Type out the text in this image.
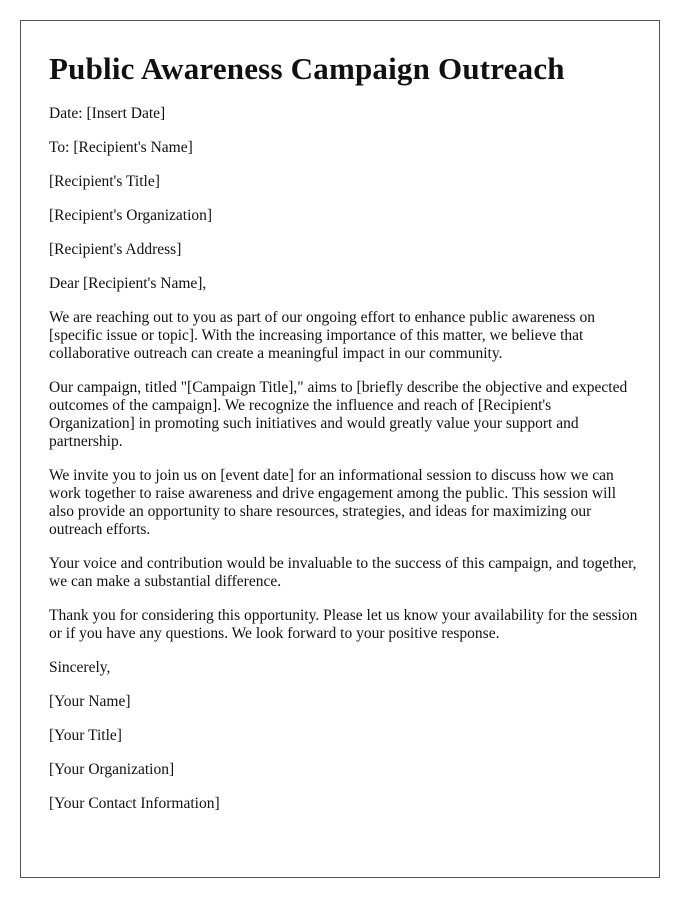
Public Awareness Campaign Outreach
Date: [Insert Date]
To: [Recipient's Name]
[Recipient's Title]
[Recipient's Organization]
[Recipient's Address]
Dear [Recipient's Name],

We are reaching out to you as part of our ongoing effort to enhance public awareness on [specific issue or topic]. With the increasing importance of this matter, we believe that collaborative outreach can create a meaningful impact in our community.

Our campaign, titled "[Campaign Title]," aims to [briefly describe the objective and expected outcomes of the campaign]. We recognize the influence and reach of [Recipient's Organization] in promoting such initiatives and would greatly value your support and partnership.

We invite you to join us on [event date] for an informational session to discuss how we can work together to raise awareness and drive engagement among the public. This session will also provide an opportunity to share resources, strategies, and ideas for maximizing our outreach efforts.

Your voice and contribution would be invaluable to the success of this campaign, and together, we can make a substantial difference.

Thank you for considering this opportunity. Please let us know your availability for the session or if you have any questions. We look forward to your positive response.

Sincerely,
[Your Name]
[Your Title]
[Your Organization]
[Your Contact Information]
